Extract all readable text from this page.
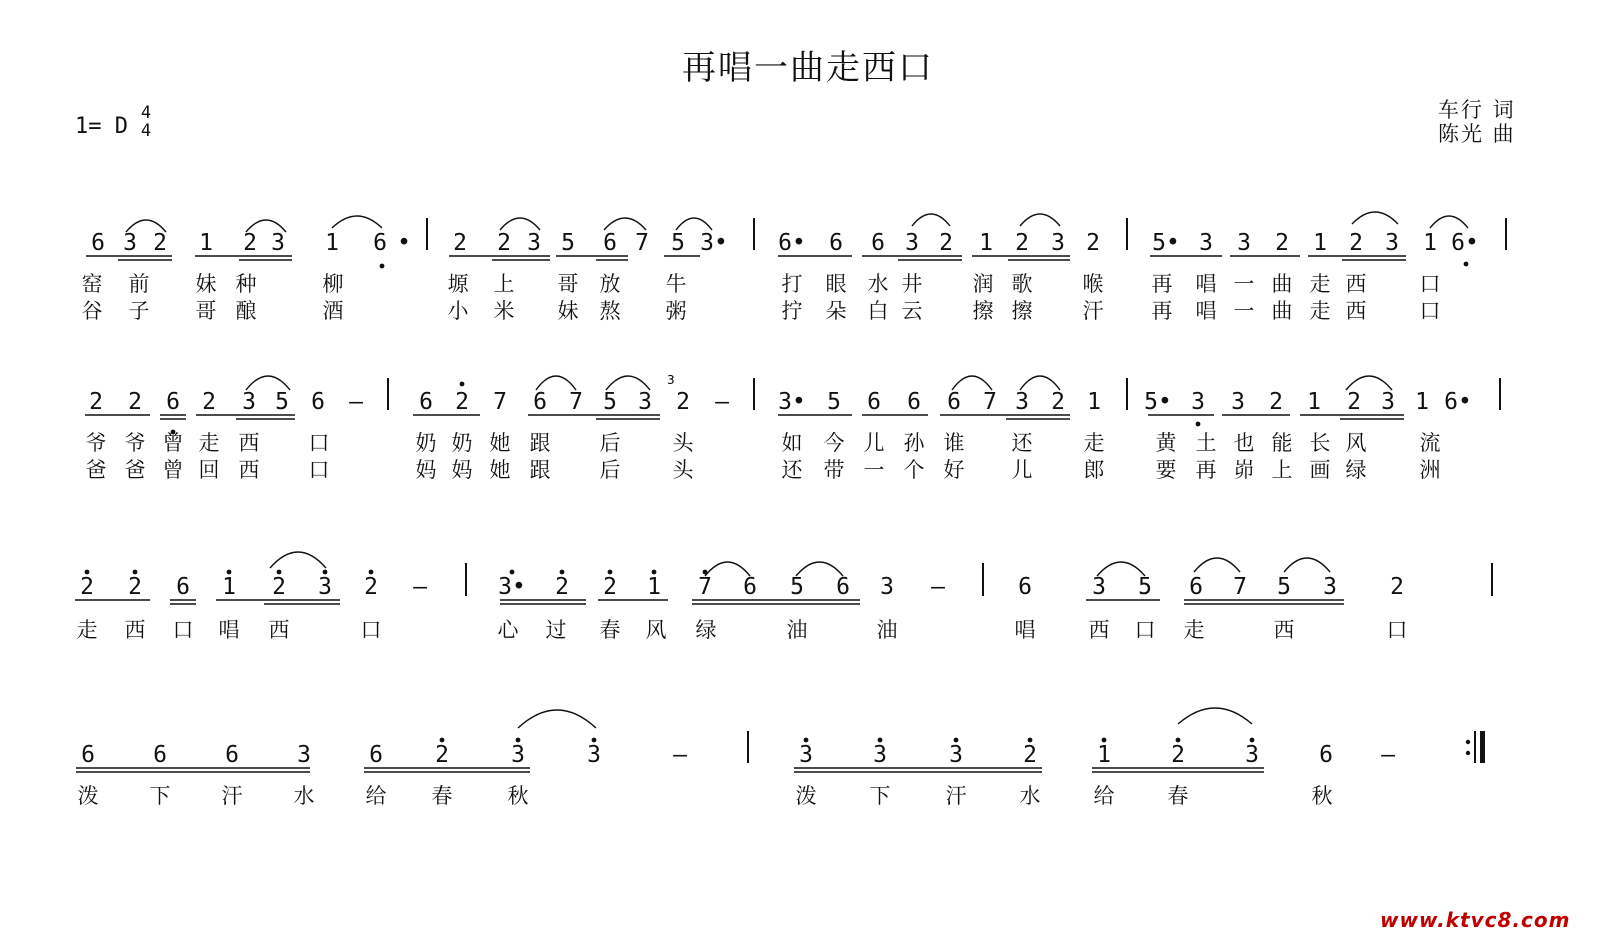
再唱一曲走西口
1= D
4
4
车行 词
陈光 曲
www.ktvc8.com
6 3 2 1 2 3 1 6 • 2 2 3 5 6 7 5 3• 6• 6 6 3 2 1 2 3 2 5• 3 3 2 1 2 3 1 6•
2 2 6 2 3 5 6 — 6 2 7 6 7 5 3 2 — 3• 5 6 6 6 7 3 2 1 5• 3 3 2 1 2 3 1 6•
2 2 6 1 2 3 2 —	3• 2 2 1 7 6 5 6 3 —	6	3 5 6 7 5 3 2
6	6	6	3	6 2	3	3	—	3	3	3	2	1	2	3	6 —
窑 前 妹 种	柳	塬 上 哥 放 牛	打 眼 水 井 润 歌 喉 再 唱 一 曲 走 西	口
谷 子 哥 酿	酒	小 米 妹 熬 粥	拧 朵 白 云 擦 擦 汗 再 唱 一 曲 走 西	口
爷 爷 曾 走 西 口	奶 奶 她 跟 后 头	如 今 儿 孙 谁 还 走 黄 土 也 能 长 风	流
爸 爸 曾 回 西 口	妈 妈 她 跟 后 头	还 带 一 个 好 儿 郎 要 再 峁 上 画 绿	洲
走 西 口 唱 西	口	心 过 春 风 绿	油	油	唱	西 口 走	西	口
泼 下 汗 水 给 春	秋	泼	下	汗	水	给	春	秋
3
